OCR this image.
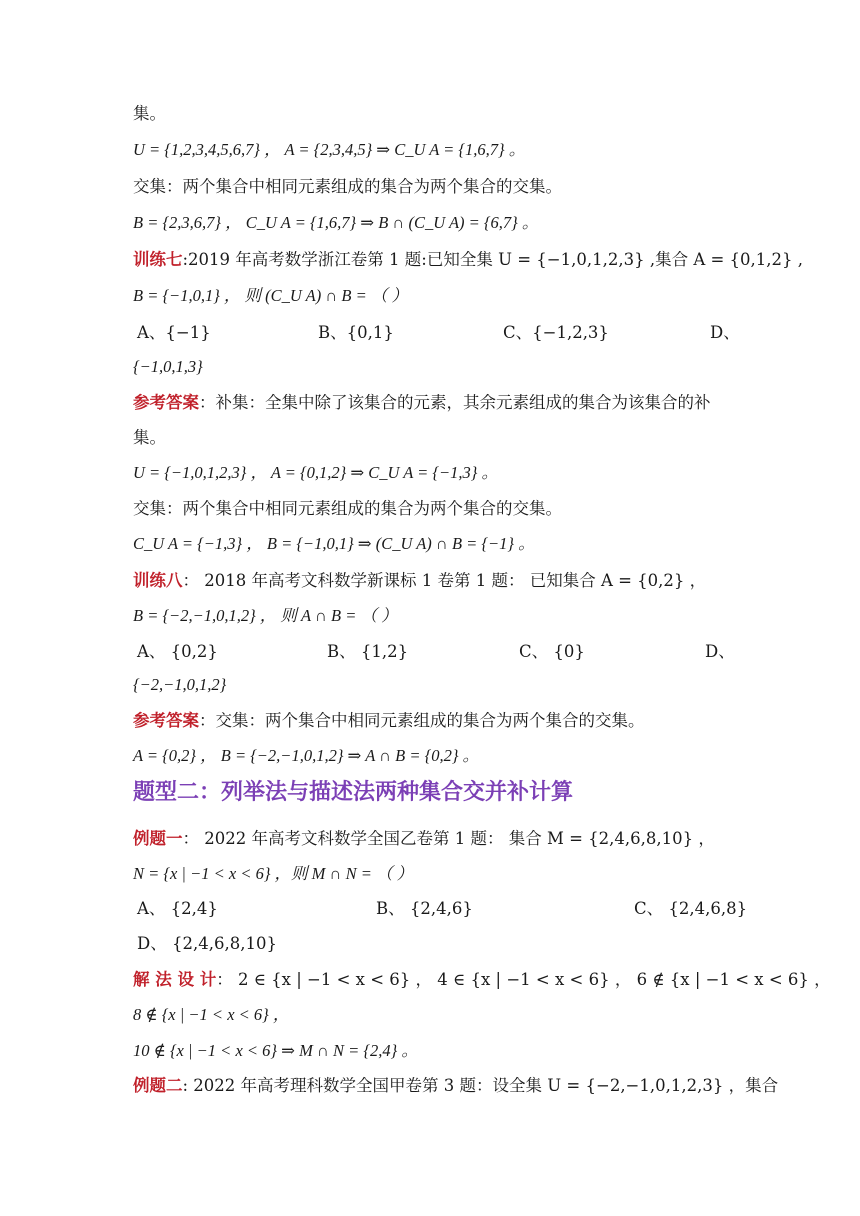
集。
U = {1,2,3,4,5,6,7} ， A = {2,3,4,5} ⇒ C_U A = {1,6,7} 。
交集：两个集合中相同元素组成的集合为两个集合的交集。
B = {2,3,6,7} ， C_U A = {1,6,7} ⇒ B ∩ (C_U A) = {6,7} 。
训练七:2019 年高考数学浙江卷第 1 题:已知全集 U = {−1,0,1,2,3} ,集合 A = {0,1,2} ,
B = {−1,0,1} ， 则 (C_U A) ∩ B = （ ）
A、{−1}	B、{0,1}	C、{−1,2,3}	D、
{−1,0,1,3}
参考答案：补集：全集中除了该集合的元素，其余元素组成的集合为该集合的补
集。
U = {−1,0,1,2,3} ， A = {0,1,2} ⇒ C_U A = {−1,3} 。
交集：两个集合中相同元素组成的集合为两个集合的交集。
C_U A = {−1,3} ， B = {−1,0,1} ⇒ (C_U A) ∩ B = {−1} 。
训练八： 2018 年高考文科数学新课标 1 卷第 1 题： 已知集合 A = {0,2} ，
B = {−2,−1,0,1,2} ， 则 A ∩ B = （ ）
A、 {0,2}	B、 {1,2}	C、 {0}	D、
{−2,−1,0,1,2}
参考答案：交集：两个集合中相同元素组成的集合为两个集合的交集。
A = {0,2} ， B = {−2,−1,0,1,2} ⇒ A ∩ B = {0,2} 。
题型二：列举法与描述法两种集合交并补计算
例题一： 2022 年高考文科数学全国乙卷第 1 题： 集合 M = {2,4,6,8,10} ，
N = {x | −1 < x < 6} ，则 M ∩ N = （ ）
A、 {2,4}	B、 {2,4,6}	C、 {2,4,6,8}
D、 {2,4,6,8,10}
解 法 设 计： 2 ∈ {x | −1 < x < 6} ， 4 ∈ {x | −1 < x < 6} ， 6 ∉ {x | −1 < x < 6} ，
8 ∉ {x | −1 < x < 6} ，
10 ∉ {x | −1 < x < 6} ⇒ M ∩ N = {2,4} 。
例题二: 2022 年高考理科数学全国甲卷第 3 题：设全集 U = {−2,−1,0,1,2,3} ，集合
